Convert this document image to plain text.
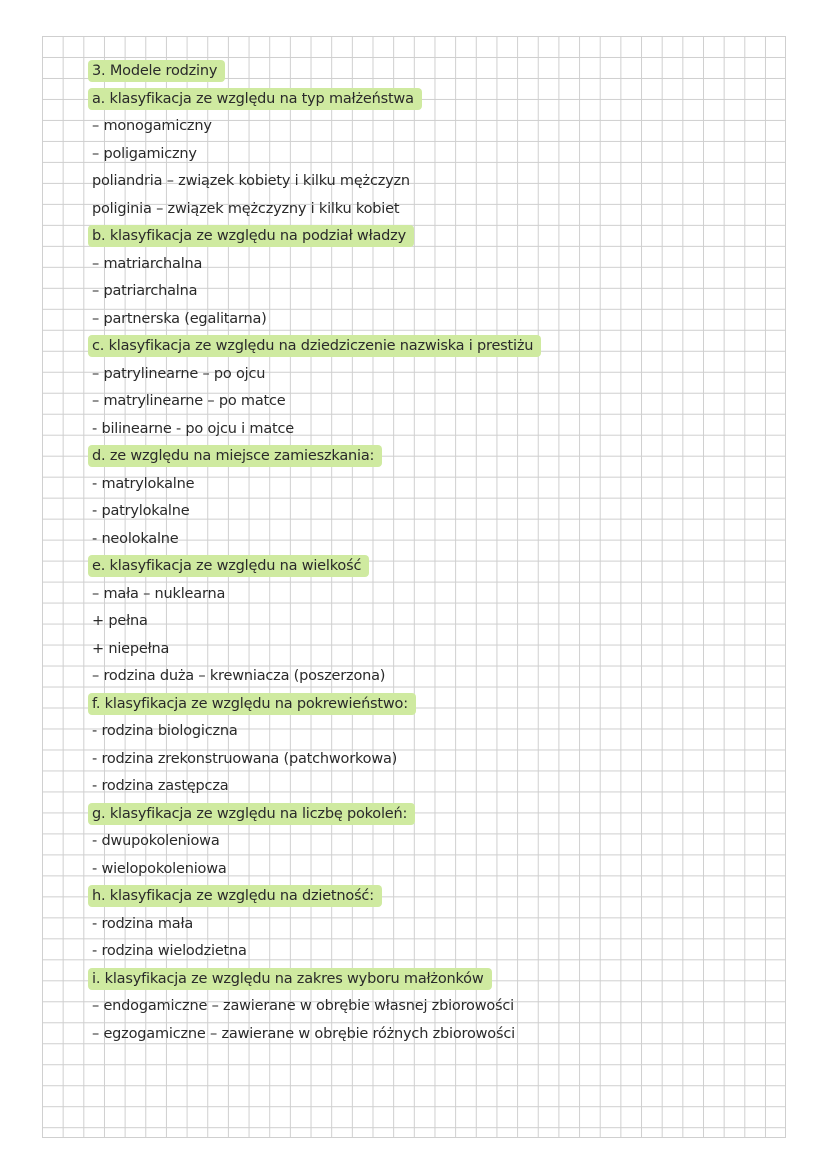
3. Modele rodziny
a. klasyfikacja ze względu na typ małżeństwa
– monogamiczny
– poligamiczny
poliandria – związek kobiety i kilku mężczyzn
poliginia – związek mężczyzny i kilku kobiet
b. klasyfikacja ze względu na podział władzy
– matriarchalna
– patriarchalna
– partnerska (egalitarna)
c. klasyfikacja ze względu na dziedziczenie nazwiska i prestiżu
– patrylinearne – po ojcu
– matrylinearne – po matce
- bilinearne - po ojcu i matce
d. ze względu na miejsce zamieszkania:
- matrylokalne
- patrylokalne
- neolokalne
e. klasyfikacja ze względu na wielkość
– mała – nuklearna
+ pełna
+ niepełna
– rodzina duża – krewniacza (poszerzona)
f. klasyfikacja ze względu na pokrewieństwo:
- rodzina biologiczna
- rodzina zrekonstruowana (patchworkowa)
- rodzina zastępcza
g. klasyfikacja ze względu na liczbę pokoleń:
- dwupokoleniowa
- wielopokoleniowa
h. klasyfikacja ze względu na dzietność:
- rodzina mała
- rodzina wielodzietna
i. klasyfikacja ze względu na zakres wyboru małżonków
– endogamiczne – zawierane w obrębie własnej zbiorowości
– egzogamiczne – zawierane w obrębie różnych zbiorowości
